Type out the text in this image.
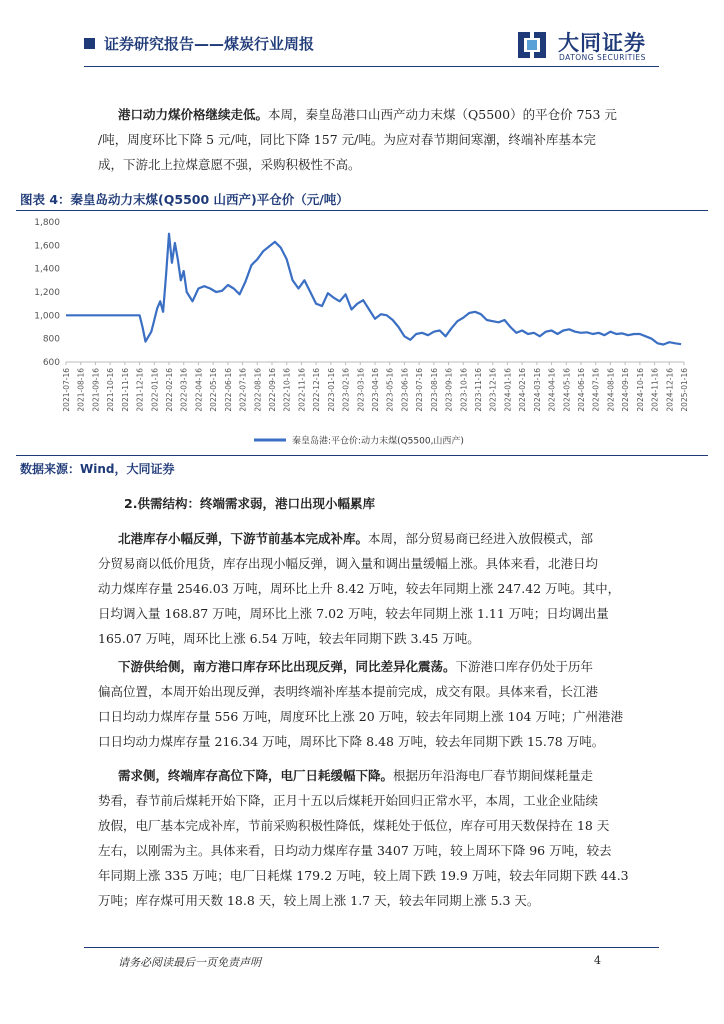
证券研究报告——煤炭行业周报	大同证券
DATONG SECURITIES
港口动力煤价格继续走低。本周，秦皇岛港口山西产动力末煤（Q5500）的平仓价 753 元
/吨，周度环比下降 5 元/吨，同比下降 157 元/吨。为应对春节期间寒潮，终端补库基本完
成，下游北上拉煤意愿不强，采购积极性不高。
图表 4：秦皇岛动力末煤(Q5500 山西产)平仓价（元/吨）
600
800
1,000
1,200
1,400
1,600
1,800
2021-07-16 2021-08-16 2021-09-16 2021-10-16 2021-11-16 2021-12-16 2022-01-16 2022-02-16 2022-03-16 2022-04-16 2022-05-16 2022-06-16 2022-07-16 2022-08-16 2022-09-16 2022-10-16 2022-11-16 2022-12-16 2023-01-16 2023-02-16 2023-03-16 2023-04-16 2023-05-16 2023-06-16 2023-07-16 2023-08-16 2023-09-16 2023-10-16 2023-11-16 2023-12-16 2024-01-16 2024-02-16 2024-03-16 2024-04-16 2024-05-16 2024-06-16 2024-07-16 2024-08-16 2024-09-16 2024-10-16 2024-11-16 2024-12-16 2025-01-16
秦皇岛港:平仓价:动力末煤(Q5500,山西产)
数据来源：Wind，大同证券
2.供需结构：终端需求弱，港口出现小幅累库
北港库存小幅反弹，下游节前基本完成补库。本周，部分贸易商已经进入放假模式，部
分贸易商以低价甩货，库存出现小幅反弹，调入量和调出量缓幅上涨。具体来看，北港日均
动力煤库存量 2546.03 万吨，周环比上升 8.42 万吨，较去年同期上涨 247.42 万吨。其中，
日均调入量 168.87 万吨，周环比上涨 7.02 万吨，较去年同期上涨 1.11 万吨；日均调出量
165.07 万吨，周环比上涨 6.54 万吨，较去年同期下跌 3.45 万吨。
下游供给侧，南方港口库存环比出现反弹，同比差异化震荡。下游港口库存仍处于历年
偏高位置，本周开始出现反弹，表明终端补库基本提前完成，成交有限。具体来看，长江港
口日均动力煤库存量 556 万吨，周度环比上涨 20 万吨，较去年同期上涨 104 万吨；广州港港
口日均动力煤库存量 216.34 万吨，周环比下降 8.48 万吨，较去年同期下跌 15.78 万吨。
需求侧，终端库存高位下降，电厂日耗缓幅下降。根据历年沿海电厂春节期间煤耗量走
势看，春节前后煤耗开始下降，正月十五以后煤耗开始回归正常水平，本周，工业企业陆续
放假，电厂基本完成补库，节前采购积极性降低，煤耗处于低位，库存可用天数保持在 18 天
左右，以刚需为主。具体来看，日均动力煤库存量 3407 万吨，较上周环下降 96 万吨，较去
年同期上涨 335 万吨；电厂日耗煤 179.2 万吨，较上周下跌 19.9 万吨，较去年同期下跌 44.3
万吨；库存煤可用天数 18.8 天，较上周上涨 1.7 天，较去年同期上涨 5.3 天。
请务必阅读最后一页免责声明	4
